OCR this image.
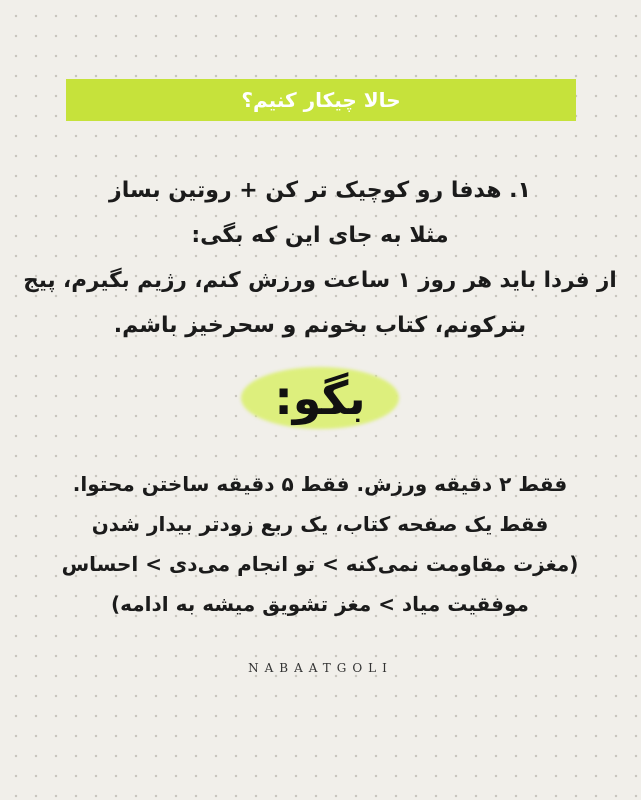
حالا چیکار کنیم؟
۱. هدفا رو کوچیک تر کن + روتین بساز
مثلا به جای این که بگی:
از فردا باید هر روز ۱ ساعت ورزش کنم، رژیم بگیرم، پیج
بترکونم، کتاب بخونم و سحرخیز باشم.
بگو:
فقط ۲ دقیقه ورزش. فقط ۵ دقیقه ساختن محتوا.
فقط یک صفحه کتاب، یک ربع زودتر بیدار شدن
(مغزت مقاومت نمی‌کنه > تو انجام می‌دی > احساس
موفقیت میاد > مغز تشویق میشه به ادامه)
NABAATGOLI
